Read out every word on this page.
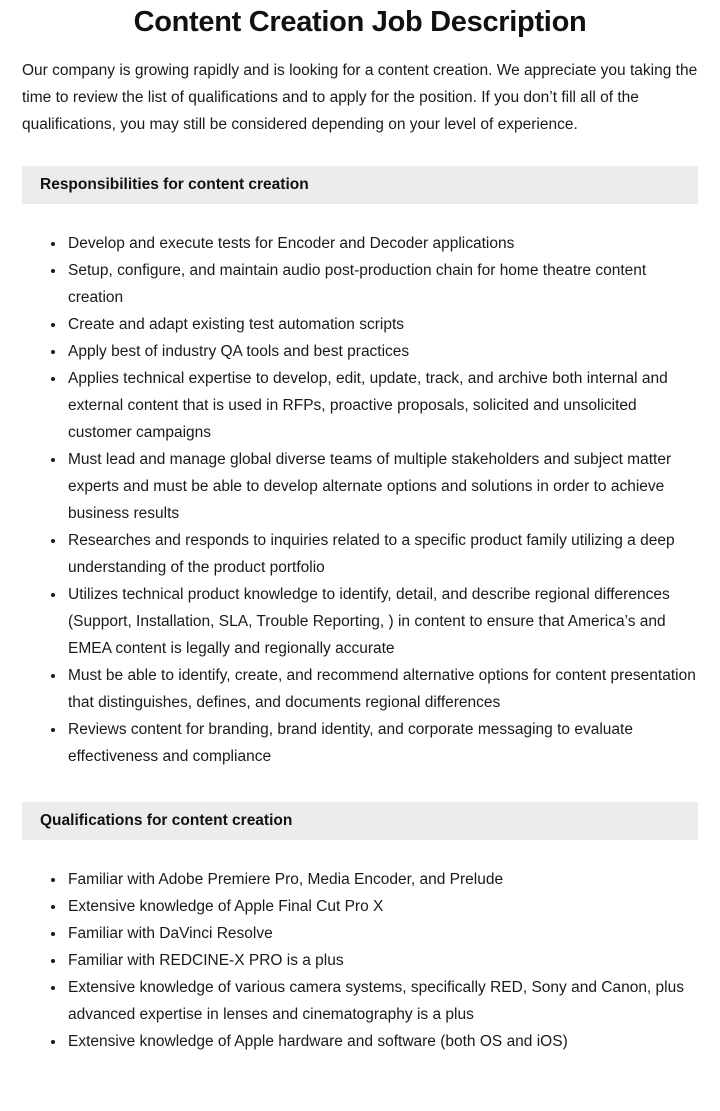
Content Creation Job Description

Our company is growing rapidly and is looking for a content creation. We appreciate you taking the time to review the list of qualifications and to apply for the position. If you don’t fill all of the qualifications, you may still be considered depending on your level of experience.

Responsibilities for content creation
• Develop and execute tests for Encoder and Decoder applications
• Setup, configure, and maintain audio post-production chain for home theatre content creation
• Create and adapt existing test automation scripts
• Apply best of industry QA tools and best practices
• Applies technical expertise to develop, edit, update, track, and archive both internal and external content that is used in RFPs, proactive proposals, solicited and unsolicited customer campaigns
• Must lead and manage global diverse teams of multiple stakeholders and subject matter experts and must be able to develop alternate options and solutions in order to achieve business results
• Researches and responds to inquiries related to a specific product family utilizing a deep understanding of the product portfolio
• Utilizes technical product knowledge to identify, detail, and describe regional differences (Support, Installation, SLA, Trouble Reporting, ) in content to ensure that America’s and EMEA content is legally and regionally accurate
• Must be able to identify, create, and recommend alternative options for content presentation that distinguishes, defines, and documents regional differences
• Reviews content for branding, brand identity, and corporate messaging to evaluate effectiveness and compliance
Qualifications for content creation
• Familiar with Adobe Premiere Pro, Media Encoder, and Prelude
• Extensive knowledge of Apple Final Cut Pro X
• Familiar with DaVinci Resolve
• Familiar with REDCINE-X PRO is a plus
• Extensive knowledge of various camera systems, specifically RED, Sony and Canon, plus advanced expertise in lenses and cinematography is a plus
• Extensive knowledge of Apple hardware and software (both OS and iOS)
